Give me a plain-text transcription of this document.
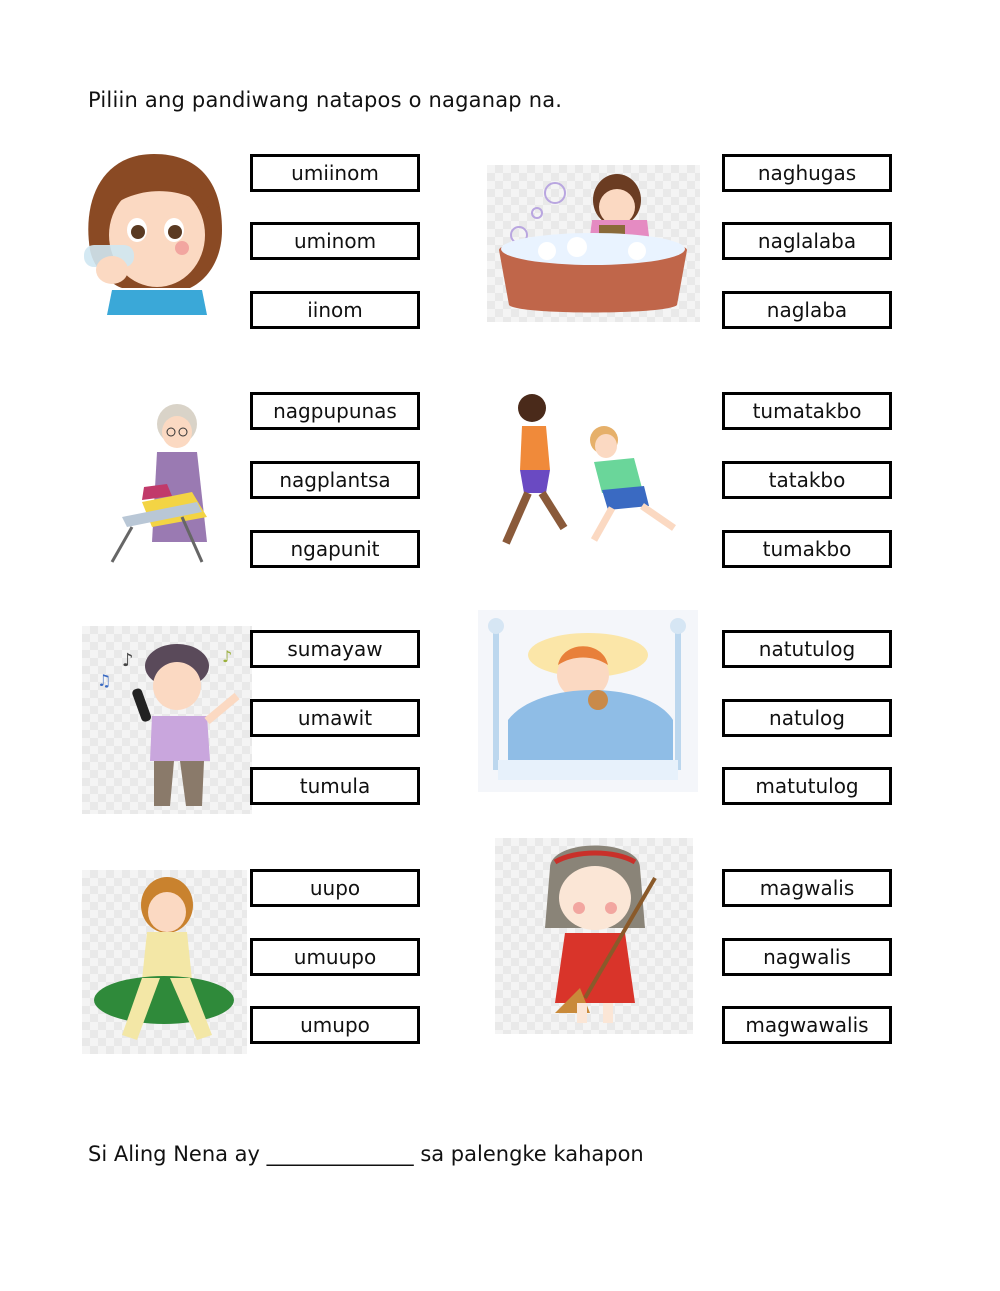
Piliin ang pandiwang natapos o naganap na.
umiinom
uminom
iinom
naghugas
naglalaba
naglaba
nagpupunas
nagplantsa
ngapunit
tumatakbo
tatakbo
tumakbo
♪
♫
♪	sumayaw
umawit
tumula
natutulog
natulog
matutulog
uupo
umuupo
umupo
magwalis
nagwalis
magwawalis
Si Aling Nena ay ______________ sa palengke kahapon
